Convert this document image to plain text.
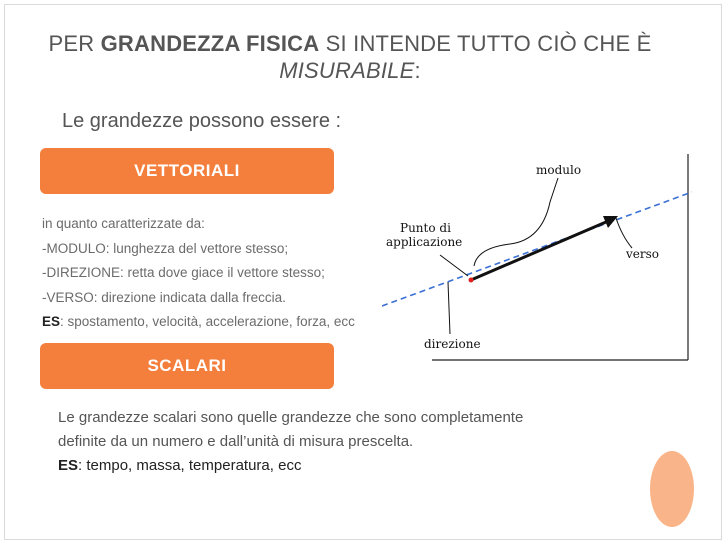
PER GRANDEZZA FISICA SI INTENDE TUTTO CIÒ CHE È MISURABILE:
Le grandezze possono essere :
VETTORIALI
in quanto caratterizzate da:
-MODULO: lunghezza del vettore stesso;
-DIREZIONE: retta dove giace il vettore stesso;
-VERSO: direzione indicata dalla freccia.
ES: spostamento, velocità, accelerazione, forza, ecc
modulo
Punto di
applicazione
verso
direzione
SCALARI
Le grandezze scalari sono quelle grandezze che sono completamente
definite da un numero e dall’unità di misura prescelta.
ES: tempo, massa, temperatura, ecc
